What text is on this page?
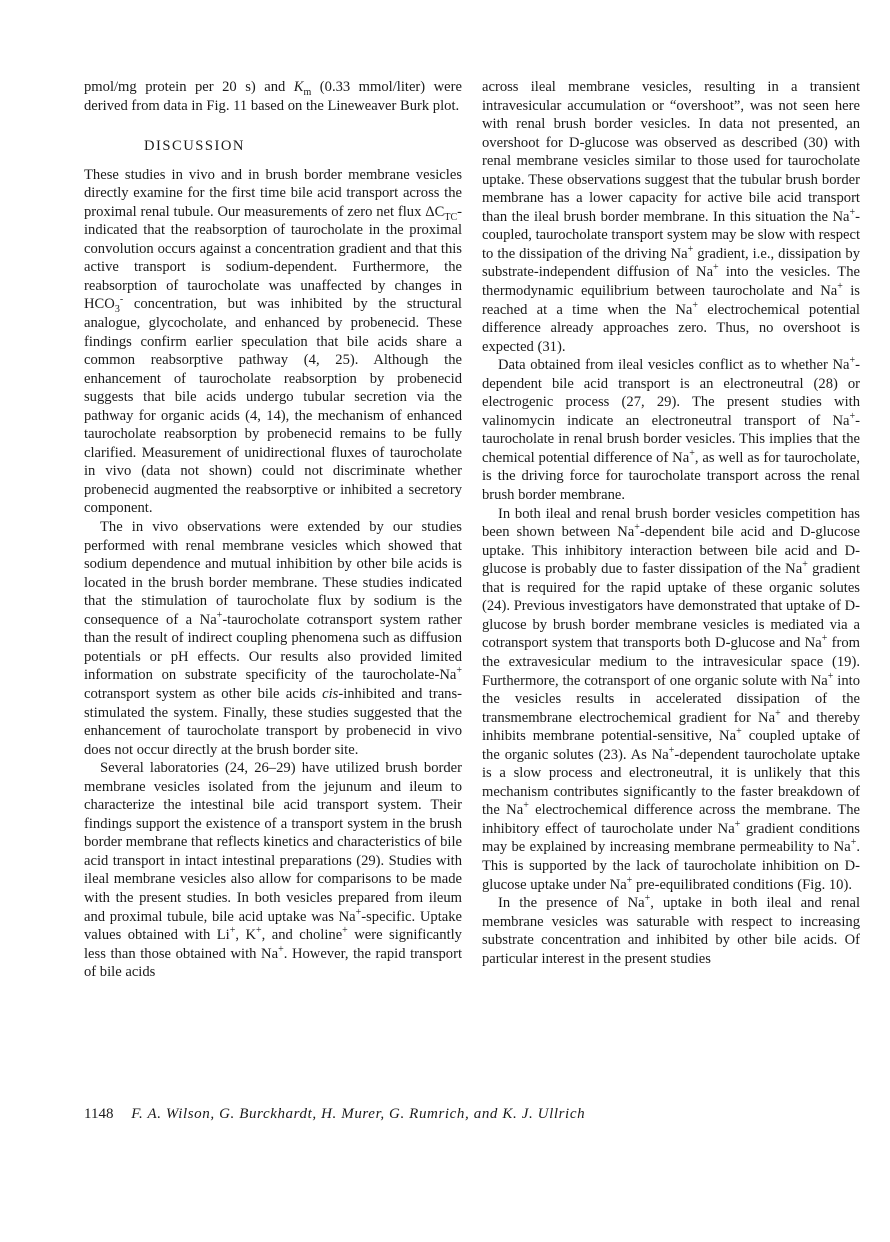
pmol/mg protein per 20 s) and $K_m$ (0.33 mmol/liter) were derived from data in Fig. 11 based on the Lineweaver Burk plot.

DISCUSSION

These studies in vivo and in brush border membrane vesicles directly examine for the first time bile acid transport across the proximal renal tubule. Our measurements of zero net flux $\Delta C_{TC}-$ indicated that the reabsorption of taurocholate in the proximal convolution occurs against a concentration gradient and that this active transport is sodium-dependent. Furthermore, the reabsorption of taurocholate was unaffected by changes in $HCO_3^-$ concentration, but was inhibited by the structural analogue, glycocholate, and enhanced by probenecid. These findings confirm earlier speculation that bile acids share a common reabsorptive pathway (4, 25). Although the enhancement of taurocholate reabsorption by probenecid suggests that bile acids undergo tubular secretion via the pathway for organic acids (4, 14), the mechanism of enhanced taurocholate reabsorption by probenecid remains to be fully clarified. Measurement of unidirectional fluxes of taurocholate in vivo (data not shown) could not discriminate whether probenecid augmented the reabsorptive or inhibited a secretory component.

The in vivo observations were extended by our studies performed with renal membrane vesicles which showed that sodium dependence and mutual inhibition by other bile acids is located in the brush border membrane. These studies indicated that the stimulation of taurocholate flux by sodium is the consequence of a Na+-taurocholate cotransport system rather than the result of indirect coupling phenomena such as diffusion potentials or pH effects. Our results also provided limited information on substrate specificity of the taurocholate-Na+ cotransport system as other bile acids cis-inhibited and trans-stimulated the system. Finally, these studies suggested that the enhancement of taurocholate transport by probenecid in vivo does not occur directly at the brush border site.

Several laboratories (24, 26–29) have utilized brush border membrane vesicles isolated from the jejunum and ileum to characterize the intestinal bile acid transport system. Their findings support the existence of a transport system in the brush border membrane that reflects kinetics and characteristics of bile acid transport in intact intestinal preparations (29). Studies with ileal membrane vesicles also allow for comparisons to be made with the present studies. In both vesicles prepared from ileum and proximal tubule, bile acid uptake was Na+-specific. Uptake values obtained with Li+, K+, and choline+ were significantly less than those obtained with Na+. However, the rapid transport of bile acids

across ileal membrane vesicles, resulting in a transient intravesicular accumulation or “overshoot”, was not seen here with renal brush border vesicles. In data not presented, an overshoot for D-glucose was observed as described (30) with renal membrane vesicles similar to those used for taurocholate uptake. These observations suggest that the tubular brush border membrane has a lower capacity for active bile acid transport than the ileal brush border membrane. In this situation the Na+-coupled, taurocholate transport system may be slow with respect to the dissipation of the driving Na+ gradient, i.e., dissipation by substrate-independent diffusion of Na+ into the vesicles. The thermodynamic equilibrium between taurocholate and Na+ is reached at a time when the Na+ electrochemical potential difference already approaches zero. Thus, no overshoot is expected (31).

Data obtained from ileal vesicles conflict as to whether Na+-dependent bile acid transport is an electroneutral (28) or electrogenic process (27, 29). The present studies with valinomycin indicate an electroneutral transport of Na+-taurocholate in renal brush border vesicles. This implies that the chemical potential difference of Na+, as well as for taurocholate, is the driving force for taurocholate transport across the renal brush border membrane.

In both ileal and renal brush border vesicles competition has been shown between Na+-dependent bile acid and D-glucose uptake. This inhibitory interaction between bile acid and D-glucose is probably due to faster dissipation of the Na+ gradient that is required for the rapid uptake of these organic solutes (24). Previous investigators have demonstrated that uptake of D-glucose by brush border membrane vesicles is mediated via a cotransport system that transports both D-glucose and Na+ from the extravesicular medium to the intravesicular space (19). Furthermore, the cotransport of one organic solute with Na+ into the vesicles results in accelerated dissipation of the transmembrane electrochemical gradient for Na+ and thereby inhibits membrane potential-sensitive, Na+ coupled uptake of the organic solutes (23). As Na+-dependent taurocholate uptake is a slow process and electroneutral, it is unlikely that this mechanism contributes significantly to the faster breakdown of the Na+ electrochemical difference across the membrane. The inhibitory effect of taurocholate under Na+ gradient conditions may be explained by increasing membrane permeability to Na+. This is supported by the lack of taurocholate inhibition on D-glucose uptake under Na+ pre-equilibrated conditions (Fig. 10).

In the presence of Na+, uptake in both ileal and renal membrane vesicles was saturable with respect to increasing substrate concentration and inhibited by other bile acids. Of particular interest in the present studies

1148 F. A. Wilson, G. Burckhardt, H. Murer, G. Rumrich, and K. J. Ullrich
